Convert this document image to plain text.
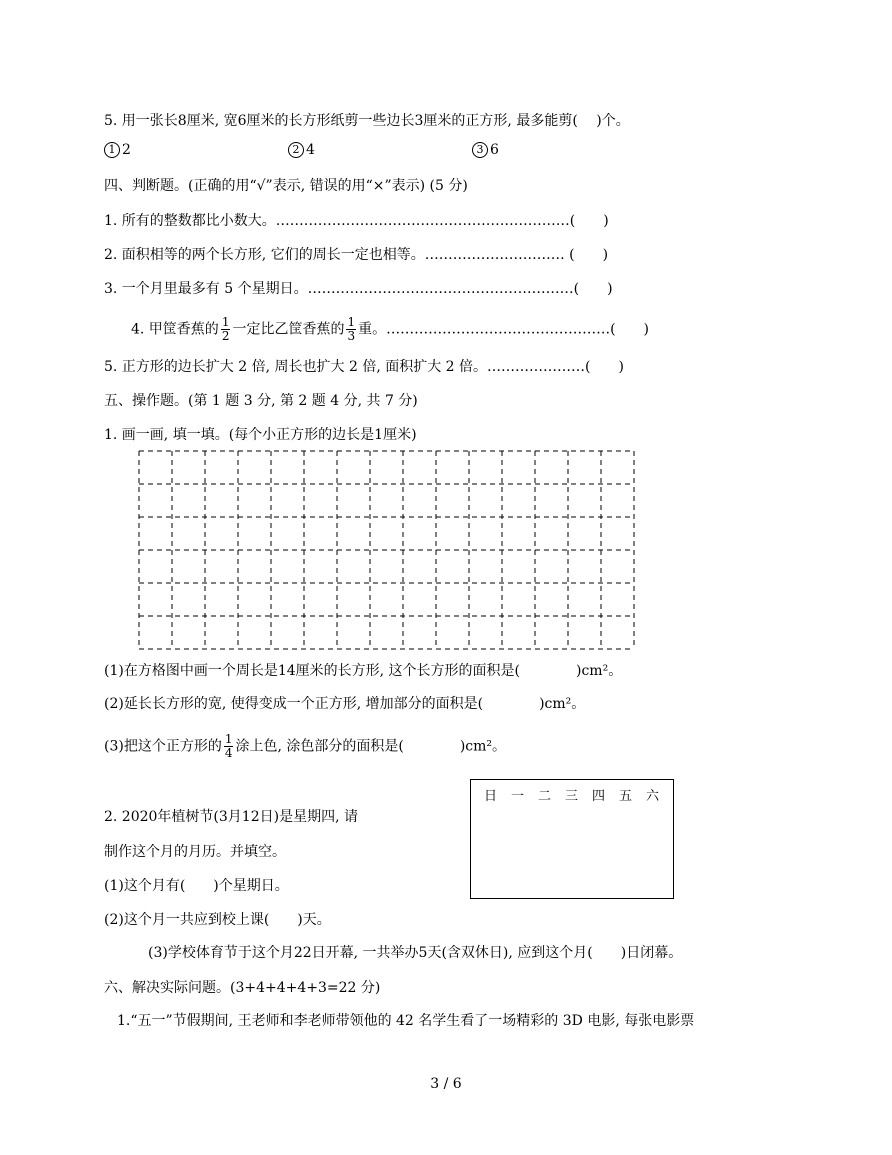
5. 用一张长8厘米, 宽6厘米的长方形纸剪一些边长3厘米的正方形, 最多能剪(　 )个。
1 2	2 4	3 6
四、判断题。(正确的用“√”表示, 错误的用“×”表示) (5 分)
1. 所有的整数都比小数大。………………………………………………………(　　)
2. 面积相等的两个长方形, 它们的周长一定也相等。………………………… (　　)
3. 一个月里最多有 5 个星期日。…………………………………………………(　　)
4. 甲筐香蕉的 $\frac{1}{2}$ 一定比乙筐香蕉的 $\frac{1}{3}$ 重。…………………………………………(　　)
5. 正方形的边长扩大 2 倍, 周长也扩大 2 倍, 面积扩大 2 倍。…………………(　　)
五、操作题。(第 1 题 3 分, 第 2 题 4 分, 共 7 分)
1. 画一画, 填一填。(每个小正方形的边长是1厘米)
(1)在方格图中画一个周长是14厘米的长方形, 这个长方形的面积是(　　　　)cm²。
(2)延长长方形的宽, 使得变成一个正方形, 增加部分的面积是(　　　　)cm²。
(3)把这个正方形的 $\frac{1}{4}$ 涂上色, 涂色部分的面积是(　　　　)cm²。
日 一 二 三 四 五 六
2. 2020年植树节(3月12日)是星期四, 请
制作这个月的月历。并填空。
(1)这个月有(　　)个星期日。
(2)这个月一共应到校上课(　　)天。
(3)学校体育节于这个月22日开幕, 一共举办5天(含双休日), 应到这个月(　　)日闭幕。
六、解决实际问题。(3+4+4+4+3=22 分)
1.“五一”节假期间, 王老师和李老师带领他的 42 名学生看了一场精彩的 3D 电影, 每张电影票
3 / 6
